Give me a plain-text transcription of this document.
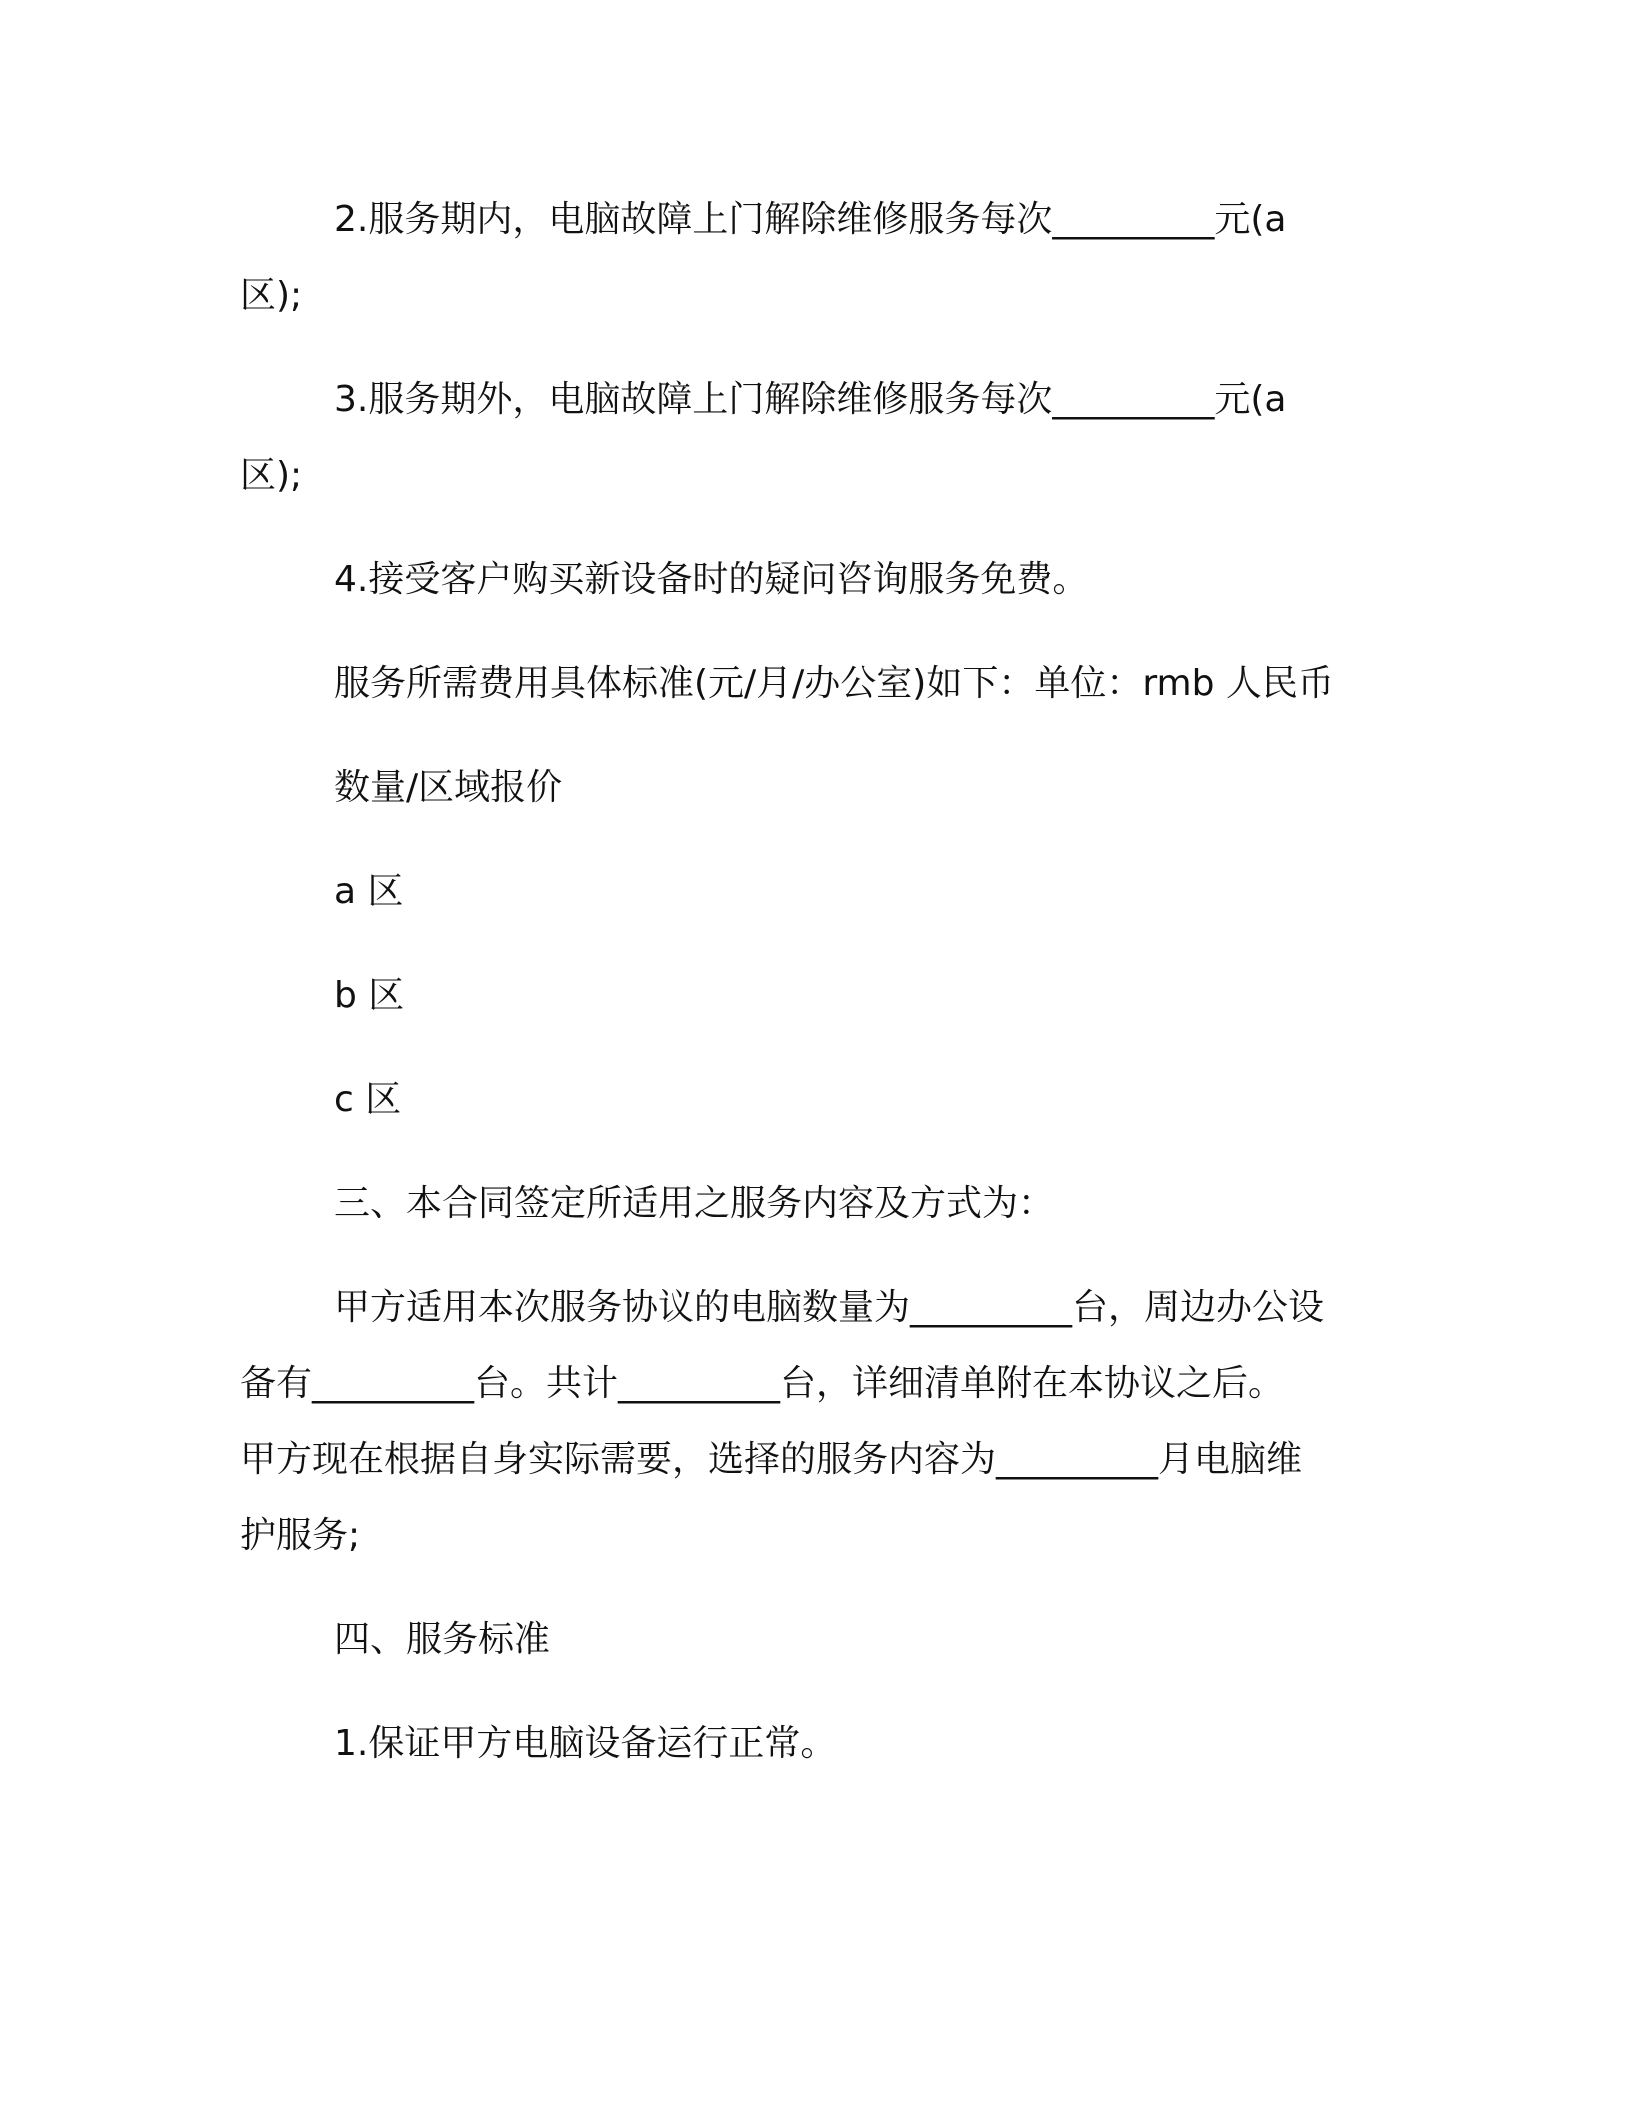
2.服务期内，电脑故障上门解除维修服务每次_________元(a
区);
3.服务期外，电脑故障上门解除维修服务每次_________元(a
区);
4.接受客户购买新设备时的疑问咨询服务免费。
服务所需费用具体标准(元/月/办公室)如下：单位：rmb 人民币
数量/区域报价
a 区
b 区
c 区
三、本合同签定所适用之服务内容及方式为：
甲方适用本次服务协议的电脑数量为_________台，周边办公设
备有_________台。共计_________台，详细清单附在本协议之后。
甲方现在根据自身实际需要，选择的服务内容为_________月电脑维
护服务;
四、服务标准
1.保证甲方电脑设备运行正常。
